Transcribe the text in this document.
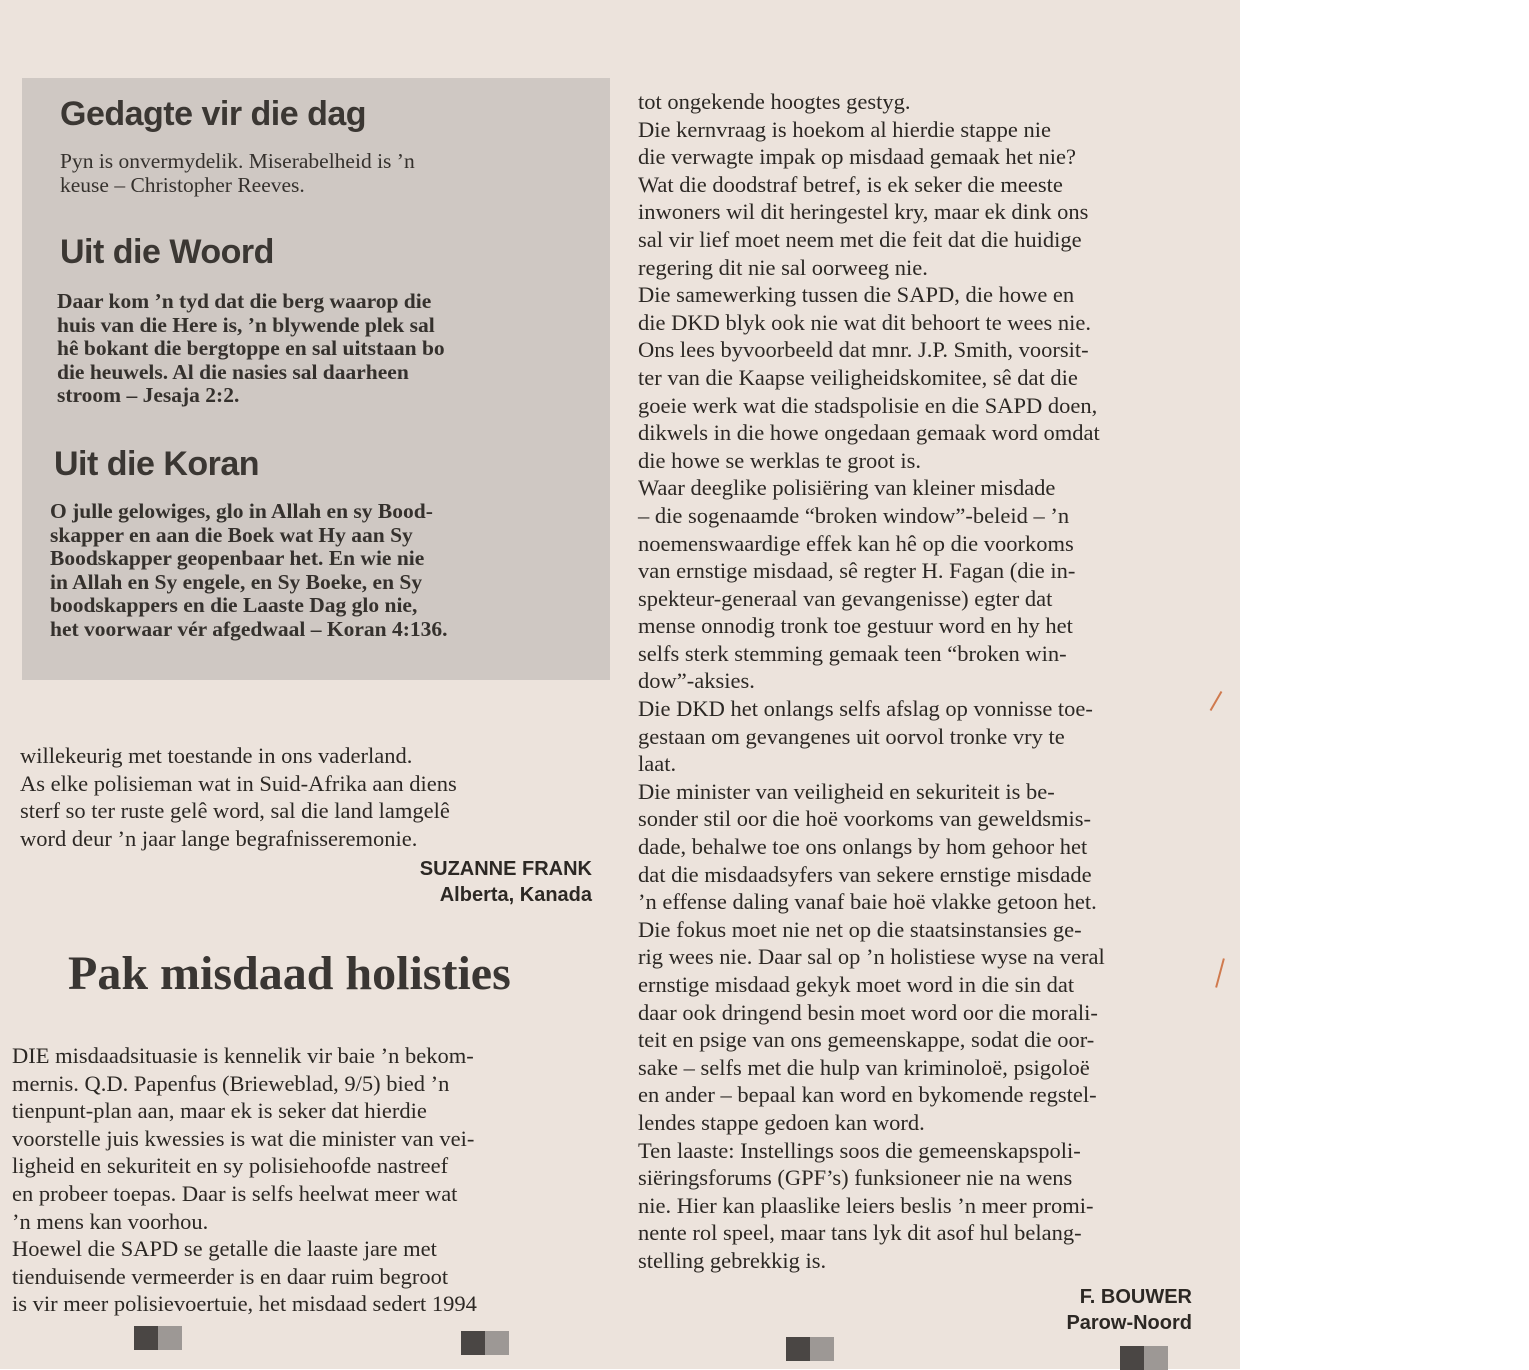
Gedagte vir die dag

Pyn is onvermydelik. Miserabelheid is ’n
keuse – Christopher Reeves.

Uit die Woord

Daar kom ’n tyd dat die berg waarop die
huis van die Here is, ’n blywende plek sal
hê bokant die bergtoppe en sal uitstaan bo
die heuwels. Al die nasies sal daarheen
stroom – Jesaja 2:2.

Uit die Koran

O julle gelowiges, glo in Allah en sy Bood-
skapper en aan die Boek wat Hy aan Sy
Boodskapper geopenbaar het. En wie nie
in Allah en Sy engele, en Sy Boeke, en Sy
boodskappers en die Laaste Dag glo nie,
het voorwaar vér afgedwaal – Koran 4:136.

willekeurig met toestande in ons vaderland.
As elke polisieman wat in Suid-Afrika aan diens
sterf so ter ruste gelê word, sal die land lamgelê
word deur ’n jaar lange begrafnisseremonie.

SUZANNE FRANK
Alberta, Kanada
Pak misdaad holisties

DIE misdaadsituasie is kennelik vir baie ’n bekom-
mernis. Q.D. Papenfus (Brieweblad, 9/5) bied ’n
tienpunt-plan aan, maar ek is seker dat hierdie
voorstelle juis kwessies is wat die minister van vei-
ligheid en sekuriteit en sy polisiehoofde nastreef
en probeer toepas. Daar is selfs heelwat meer wat
’n mens kan voorhou.
Hoewel die SAPD se getalle die laaste jare met
tienduisende vermeerder is en daar ruim begroot
is vir meer polisievoertuie, het misdaad sedert 1994

tot ongekende hoogtes gestyg.
Die kernvraag is hoekom al hierdie stappe nie
die verwagte impak op misdaad gemaak het nie?
Wat die doodstraf betref, is ek seker die meeste
inwoners wil dit heringestel kry, maar ek dink ons
sal vir lief moet neem met die feit dat die huidige
regering dit nie sal oorweeg nie.
Die samewerking tussen die SAPD, die howe en
die DKD blyk ook nie wat dit behoort te wees nie.
Ons lees byvoorbeeld dat mnr. J.P. Smith, voorsit-
ter van die Kaapse veiligheidskomitee, sê dat die
goeie werk wat die stadspolisie en die SAPD doen,
dikwels in die howe ongedaan gemaak word omdat
die howe se werklas te groot is.
Waar deeglike polisiëring van kleiner misdade
– die sogenaamde “broken window”-beleid – ’n
noemenswaardige effek kan hê op die voorkoms
van ernstige misdaad, sê regter H. Fagan (die in-
spekteur-generaal van gevangenisse) egter dat
mense onnodig tronk toe gestuur word en hy het
selfs sterk stemming gemaak teen “broken win-
dow”-aksies.
Die DKD het onlangs selfs afslag op vonnisse toe-
gestaan om gevangenes uit oorvol tronke vry te
laat.
Die minister van veiligheid en sekuriteit is be-
sonder stil oor die hoë voorkoms van geweldsmis-
dade, behalwe toe ons onlangs by hom gehoor het
dat die misdaadsyfers van sekere ernstige misdade
’n effense daling vanaf baie hoë vlakke getoon het.
Die fokus moet nie net op die staatsinstansies ge-
rig wees nie. Daar sal op ’n holistiese wyse na veral
ernstige misdaad gekyk moet word in die sin dat
daar ook dringend besin moet word oor die morali-
teit en psige van ons gemeenskappe, sodat die oor-
sake – selfs met die hulp van kriminoloë, psigoloë
en ander – bepaal kan word en bykomende regstel-
lendes stappe gedoen kan word.
Ten laaste: Instellings soos die gemeenskapspoli-
siëringsforums (GPF’s) funksioneer nie na wens
nie. Hier kan plaaslike leiers beslis ’n meer promi-
nente rol speel, maar tans lyk dit asof hul belang-
stelling gebrekkig is.

F. BOUWER
Parow-Noord
